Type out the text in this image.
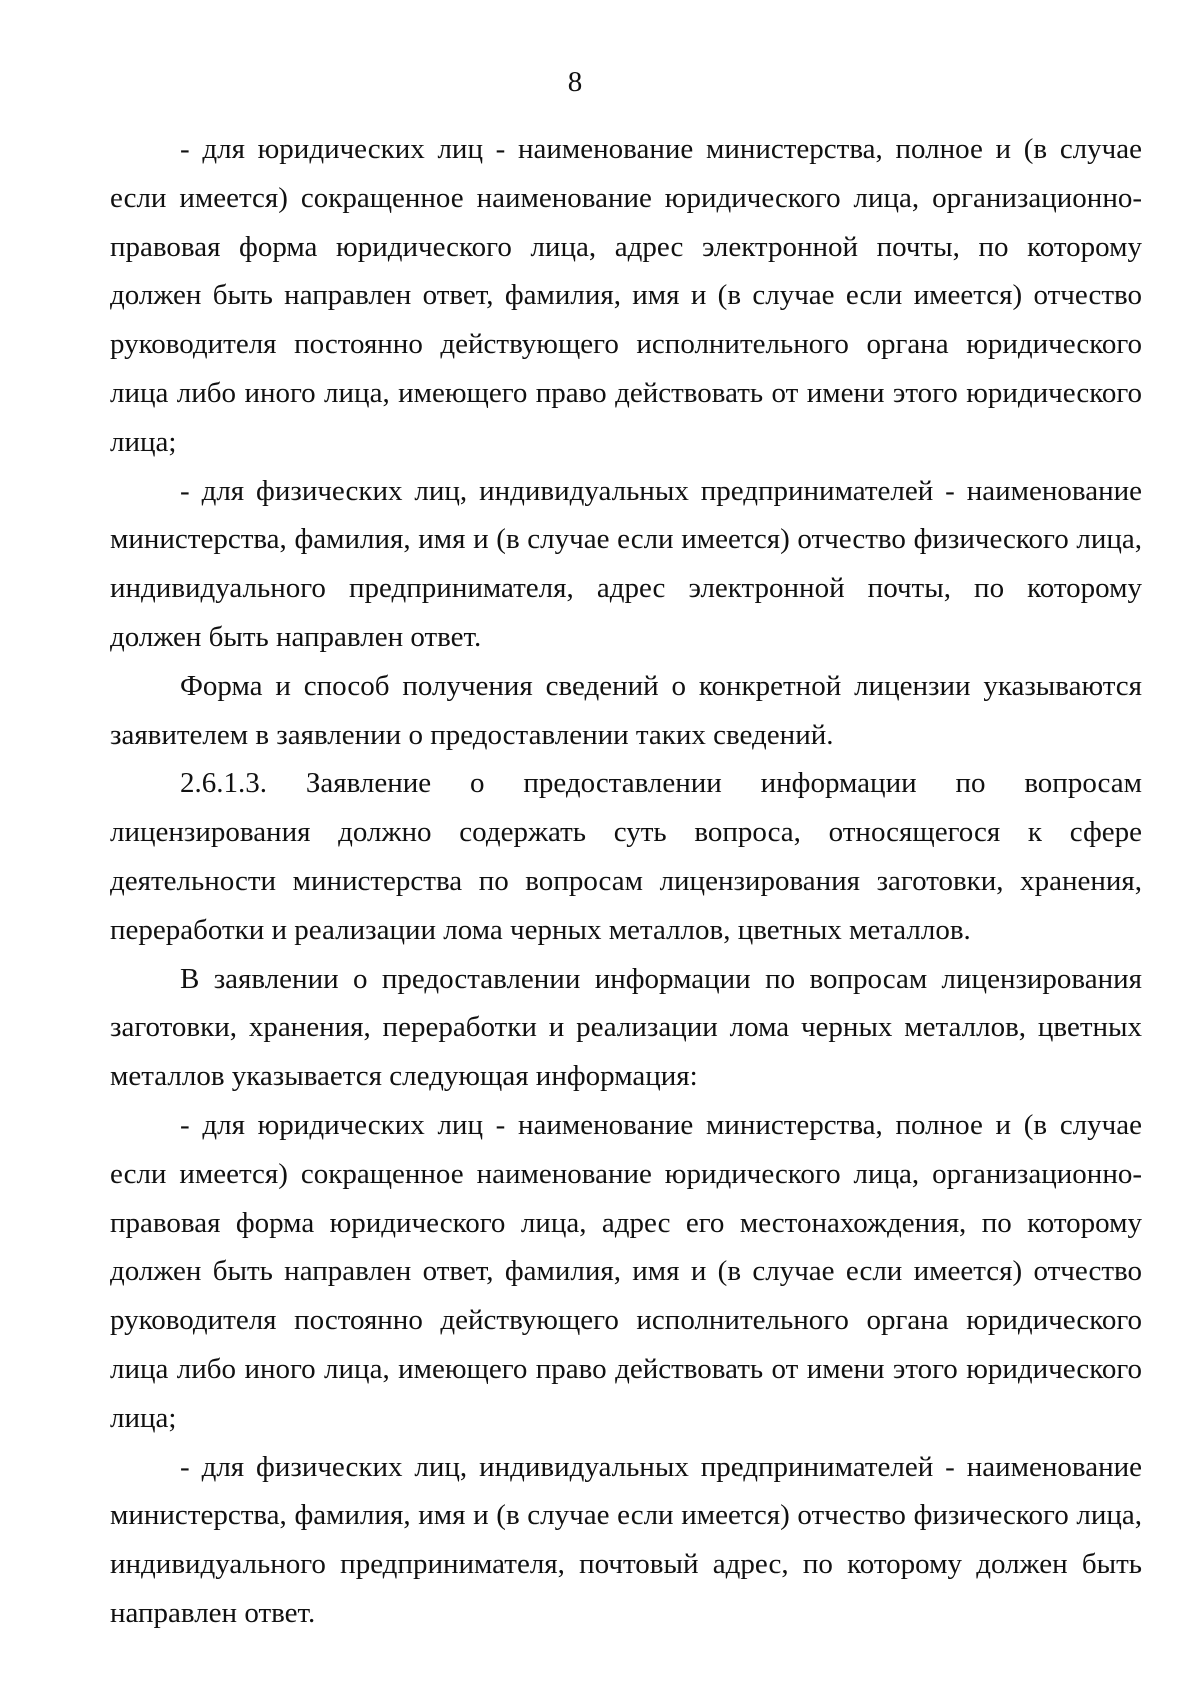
8

- для юридических лиц - наименование министерства, полное и (в случае если имеется) сокращенное наименование юридического лица, организационно-правовая форма юридического лица, адрес электронной почты, по которому должен быть направлен ответ, фамилия, имя и (в случае если имеется) отчество руководителя постоянно действующего исполнительного органа юридического лица либо иного лица, имеющего право действовать от имени этого юридического лица;

- для физических лиц, индивидуальных предпринимателей - наименование министерства, фамилия, имя и (в случае если имеется) отчество физического лица, индивидуального предпринимателя, адрес электронной почты, по которому должен быть направлен ответ.

Форма и способ получения сведений о конкретной лицензии указываются заявителем в заявлении о предоставлении таких сведений.

2.6.1.3. Заявление о предоставлении информации по вопросам лицензирования должно содержать суть вопроса, относящегося к сфере деятельности министерства по вопросам лицензирования заготовки, хранения, переработки и реализации лома черных металлов, цветных металлов.

В заявлении о предоставлении информации по вопросам лицензирования заготовки, хранения, переработки и реализации лома черных металлов, цветных металлов указывается следующая информация:

- для юридических лиц - наименование министерства, полное и (в случае если имеется) сокращенное наименование юридического лица, организационно-правовая форма юридического лица, адрес его местонахождения, по которому должен быть направлен ответ, фамилия, имя и (в случае если имеется) отчество руководителя постоянно действующего исполнительного органа юридического лица либо иного лица, имеющего право действовать от имени этого юридического лица;

- для физических лиц, индивидуальных предпринимателей - наименование министерства, фамилия, имя и (в случае если имеется) отчество физического лица, индивидуального предпринимателя, почтовый адрес, по которому должен быть направлен ответ.
